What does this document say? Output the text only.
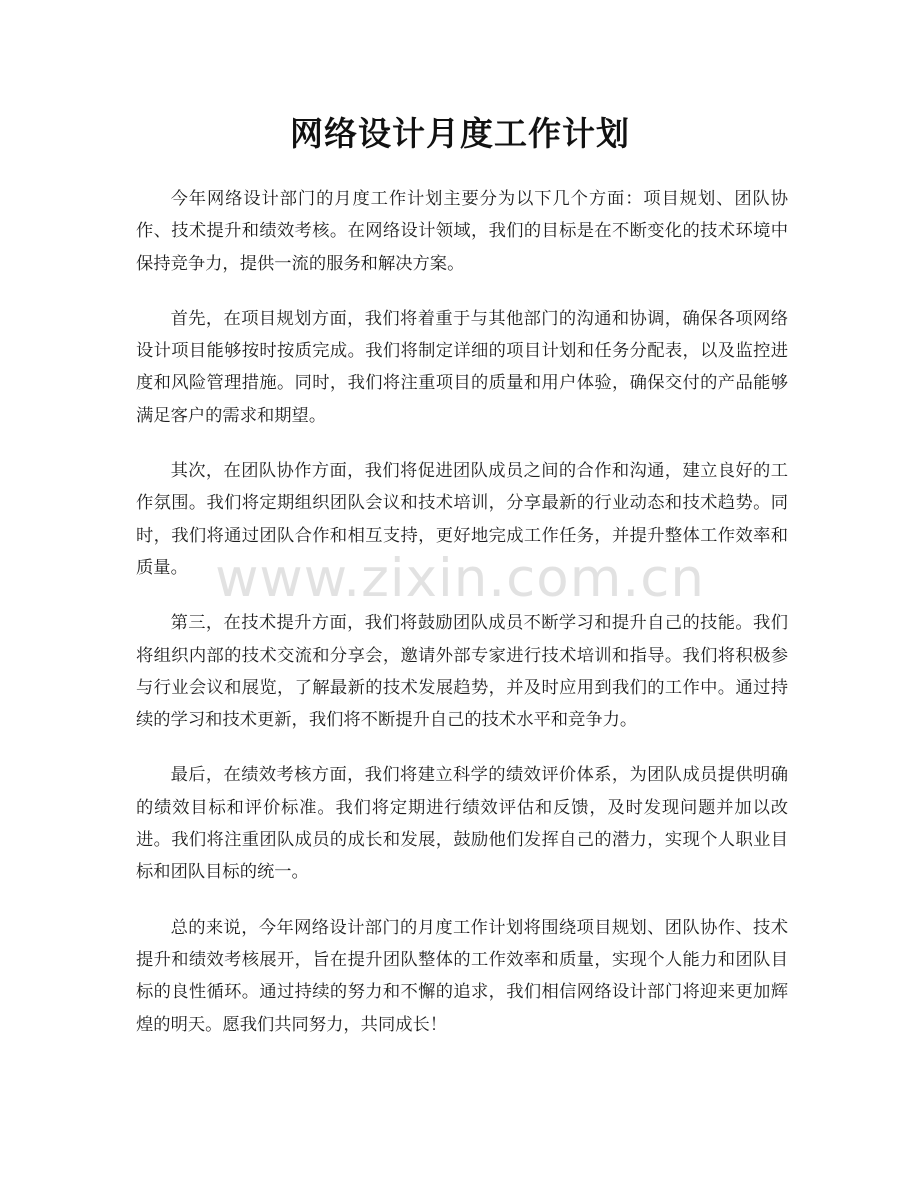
网络设计月度工作计划

今年网络设计部门的月度工作计划主要分为以下几个方面：项目规划、团队协作、技术提升和绩效考核。在网络设计领域，我们的目标是在不断变化的技术环境中保持竞争力，提供一流的服务和解决方案。

首先，在项目规划方面，我们将着重于与其他部门的沟通和协调，确保各项网络设计项目能够按时按质完成。我们将制定详细的项目计划和任务分配表，以及监控进度和风险管理措施。同时，我们将注重项目的质量和用户体验，确保交付的产品能够满足客户的需求和期望。

其次，在团队协作方面，我们将促进团队成员之间的合作和沟通，建立良好的工作氛围。我们将定期组织团队会议和技术培训，分享最新的行业动态和技术趋势。同时，我们将通过团队合作和相互支持，更好地完成工作任务，并提升整体工作效率和质量。

第三，在技术提升方面，我们将鼓励团队成员不断学习和提升自己的技能。我们将组织内部的技术交流和分享会，邀请外部专家进行技术培训和指导。我们将积极参与行业会议和展览，了解最新的技术发展趋势，并及时应用到我们的工作中。通过持续的学习和技术更新，我们将不断提升自己的技术水平和竞争力。

最后，在绩效考核方面，我们将建立科学的绩效评价体系，为团队成员提供明确的绩效目标和评价标准。我们将定期进行绩效评估和反馈，及时发现问题并加以改进。我们将注重团队成员的成长和发展，鼓励他们发挥自己的潜力，实现个人职业目标和团队目标的统一。

总的来说，今年网络设计部门的月度工作计划将围绕项目规划、团队协作、技术提升和绩效考核展开，旨在提升团队整体的工作效率和质量，实现个人能力和团队目标的良性循环。通过持续的努力和不懈的追求，我们相信网络设计部门将迎来更加辉煌的明天。愿我们共同努力，共同成长！

www.zixin.com.cn
